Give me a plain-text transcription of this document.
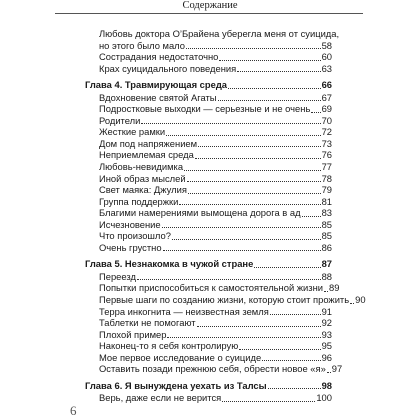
Содержание
Любовь доктора О’Брайена уберегла меня от суицида,
но этого было мало	58
Сострадания недостаточно	60
Крах суицидального поведения	63
Глава 4. Травмирующая среда	66
Вдохновение святой Агаты	67
Подростковые выходки — серьезные и не очень 69
Родители	70
Жесткие рамки	72
Дом под напряжением	73
Неприемлемая среда	76
Любовь-невидимка	77
Иной образ мыслей	78
Свет маяка: Джулия	79
Группа поддержки	81
Благими намерениями вымощена дорога в ад 83
Исчезновение	85
Что произошло?	85
Очень грустно	86
Глава 5. Незнакомка в чужой стране	87
Переезд	88
Попытки приспособиться к самостоятельной жизни 89
Первые шаги по созданию жизни, которую стоит прожить 90
Терра инкогнита — неизвестная земля	91
Таблетки не помогают	92
Плохой пример	93
Наконец-то я себя контролирую	95
Мое первое исследование о суициде	96
Оставить позади прежнюю себя, обрести новое «я» 97
Глава 6. Я вынуждена уехать из Талсы	98
Верь, даже если не верится	100
6
